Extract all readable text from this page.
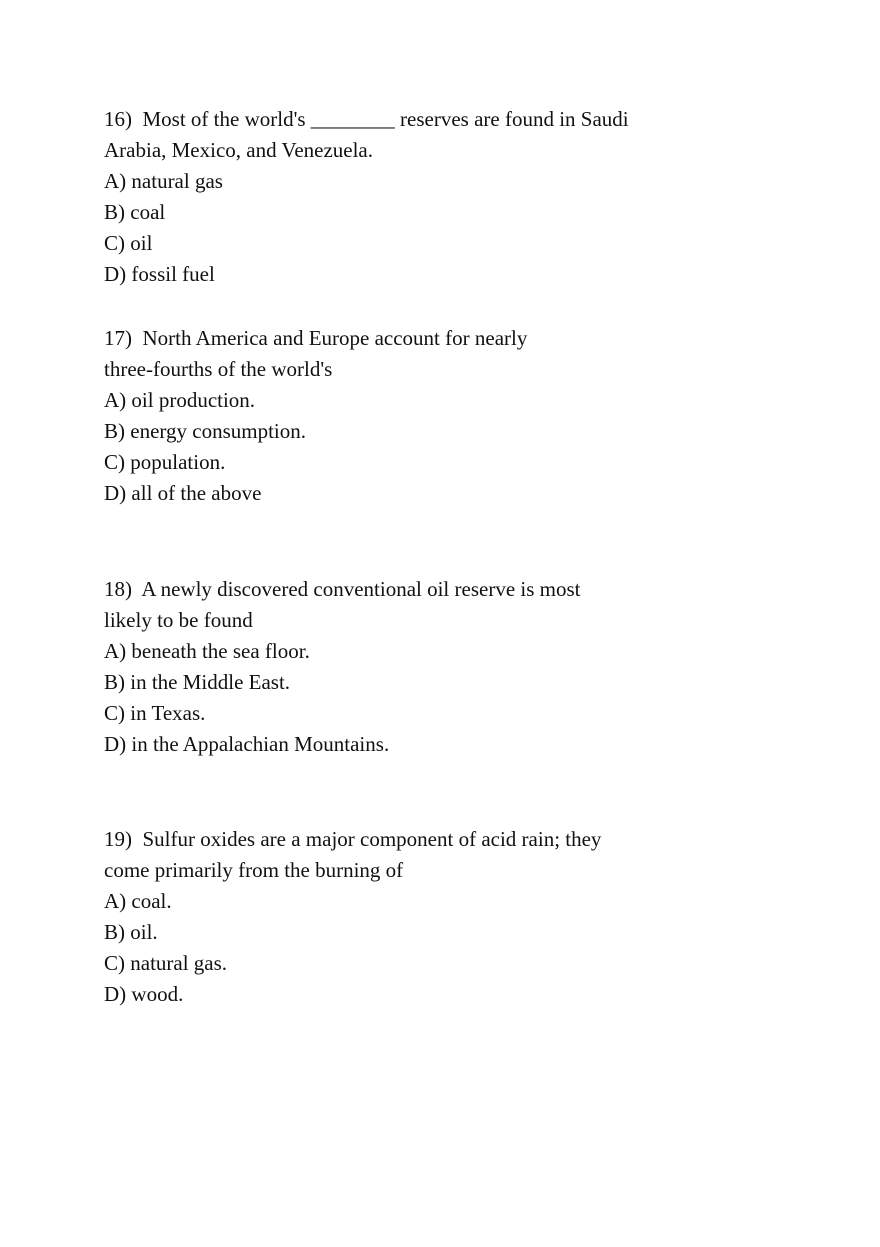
16) Most of the world's ________ reserves are found in Saudi
Arabia, Mexico, and Venezuela.
A) natural gas
B) coal
C) oil
D) fossil fuel
17) North America and Europe account for nearly
three-fourths of the world's
A) oil production.
B) energy consumption.
C) population.
D) all of the above
18) A newly discovered conventional oil reserve is most
likely to be found
A) beneath the sea floor.
B) in the Middle East.
C) in Texas.
D) in the Appalachian Mountains.
19) Sulfur oxides are a major component of acid rain; they
come primarily from the burning of
A) coal.
B) oil.
C) natural gas.
D) wood.
